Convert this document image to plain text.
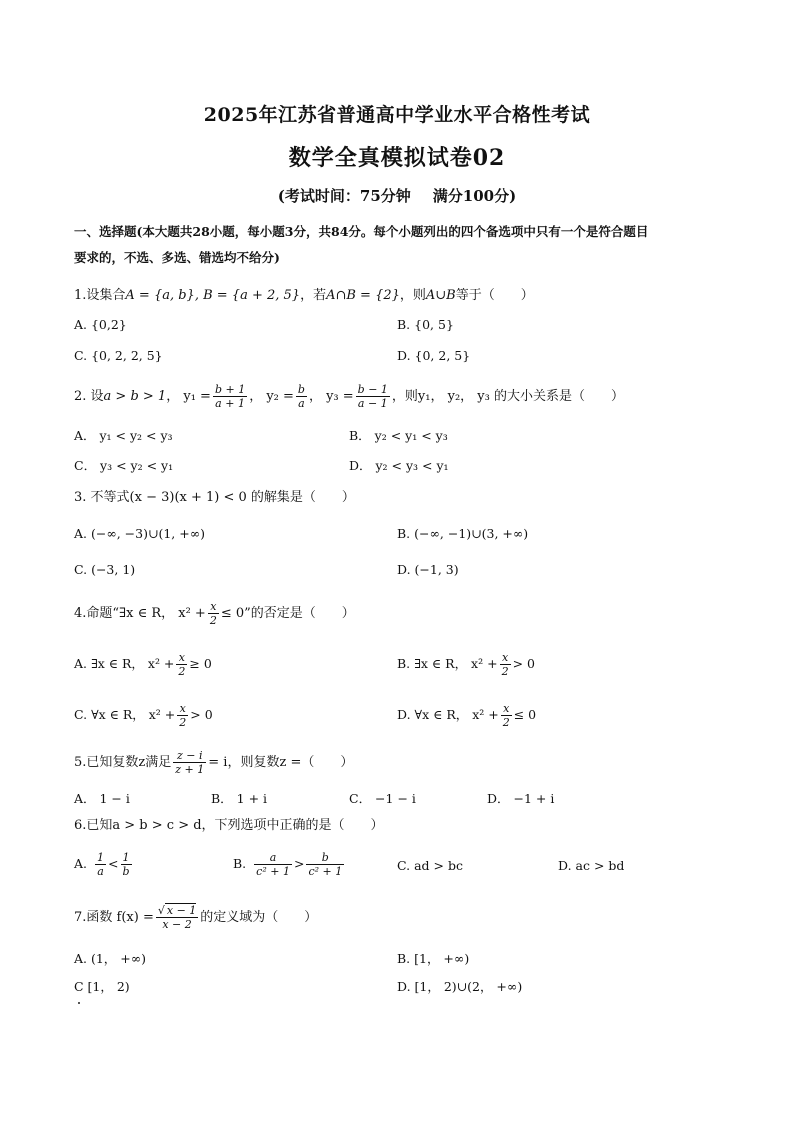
2025年江苏省普通高中学业水平合格性考试
数学全真模拟试卷02
(考试时间：75分钟 满分100分)
一、选择题(本大题共28小题，每小题3分，共84分。每个小题列出的四个备选项中只有一个是符合题目
要求的，不选、多选、错选均不给分)
1.设集合A = {a, b}, B = {a + 2, 5}，若A∩B = {2}，则A∪B等于（　　）
A. {0,2}	B. {0, 5}
C. {0, 2, 2, 5}	D. {0, 2, 5}
2. 设a > b > 1， $y_1 = \frac{b + 1}{a + 1}$ ， $y_2 = \frac{b}{a}$ ， $y_3 = \frac{b - 1}{a - 1}$ ，则y₁， y₂， y₃ 的大小关系是（　　）
A． y₁ < y₂ < y₃	B． y₂ < y₁ < y₃
C． y₃ < y₂ < y₁	D． y₂ < y₃ < y₁
3. 不等式(x − 3)(x + 1) < 0 的解集是（　　）
A. (−∞, −3)∪(1, +∞)	B. (−∞, −1)∪(3, +∞)
C. (−3, 1)	D. (−1, 3)
4.命题“∃x ∈ R， $x^2 + \frac{x}{2} \le 0$”的否定是（　　）
A. ∃x ∈ R， $x^2 + \frac{x}{2} \ge 0$	B. ∃x ∈ R， $x^2 + \frac{x}{2} > 0$
C. ∀x ∈ R， $x^2 + \frac{x}{2} > 0$	D. ∀x ∈ R， $x^2 + \frac{x}{2} \le 0$
5.已知复数z满足 $\frac{z - i}{z + 1} = i$，则复数z =（　　）
A． 1 − i	B． 1 + i	C． −1 − i	D． −1 + i
6.已知a > b > c > d，下列选项中正确的是（　　）
A. $\frac{1}{a} < \frac{1}{b}$	B. $\frac{a}{\text{c² + 1}} > \frac{b}{\text{c² + 1}}$	C. ad > bc	D. ac > bd
7.函数 $f(x) = \frac{√ x - 1}{x - 2}$ 的定义域为（　　）
A. (1， +∞)	B. [1， +∞)
C [1， 2)	D. [1， 2)∪(2， +∞)
